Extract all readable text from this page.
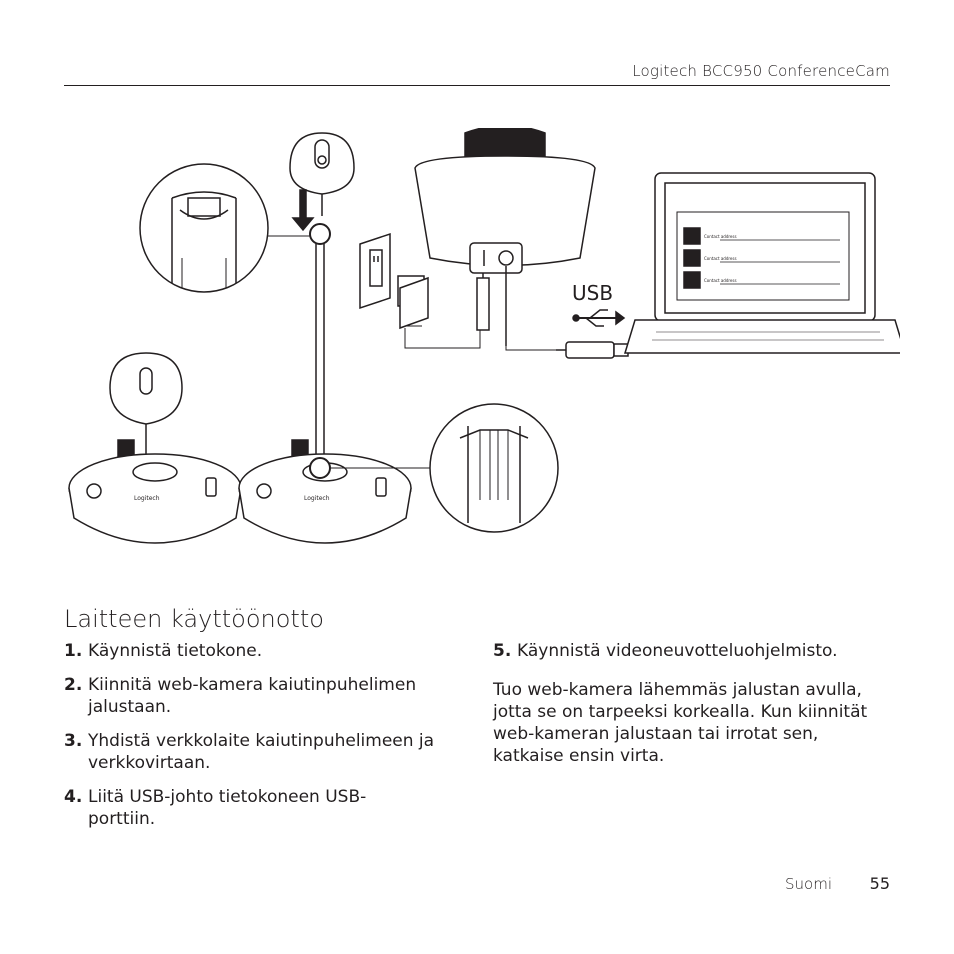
Logitech BCC950 ConferenceCam
USB
Contact address
Contact address
Contact address
Logitech	Logitech
Laitteen käyttöönotto
1. Käynnistä tietokone.
2. Kiinnitä web-kamera kaiutinpuhelimen jalustaan.
3. Yhdistä verkkolaite kaiutinpuhelimeen ja verkkovirtaan.
4. Liitä USB-johto tietokoneen USB-porttiin.
5. Käynnistä videoneuvotteluohjelmisto.
Tuo web-kamera lähemmäs jalustan avulla, jotta se on tarpeeksi korkealla. Kun kiinnität web-kameran jalustaan tai irrotat sen, katkaise ensin virta.
Suomi 55
